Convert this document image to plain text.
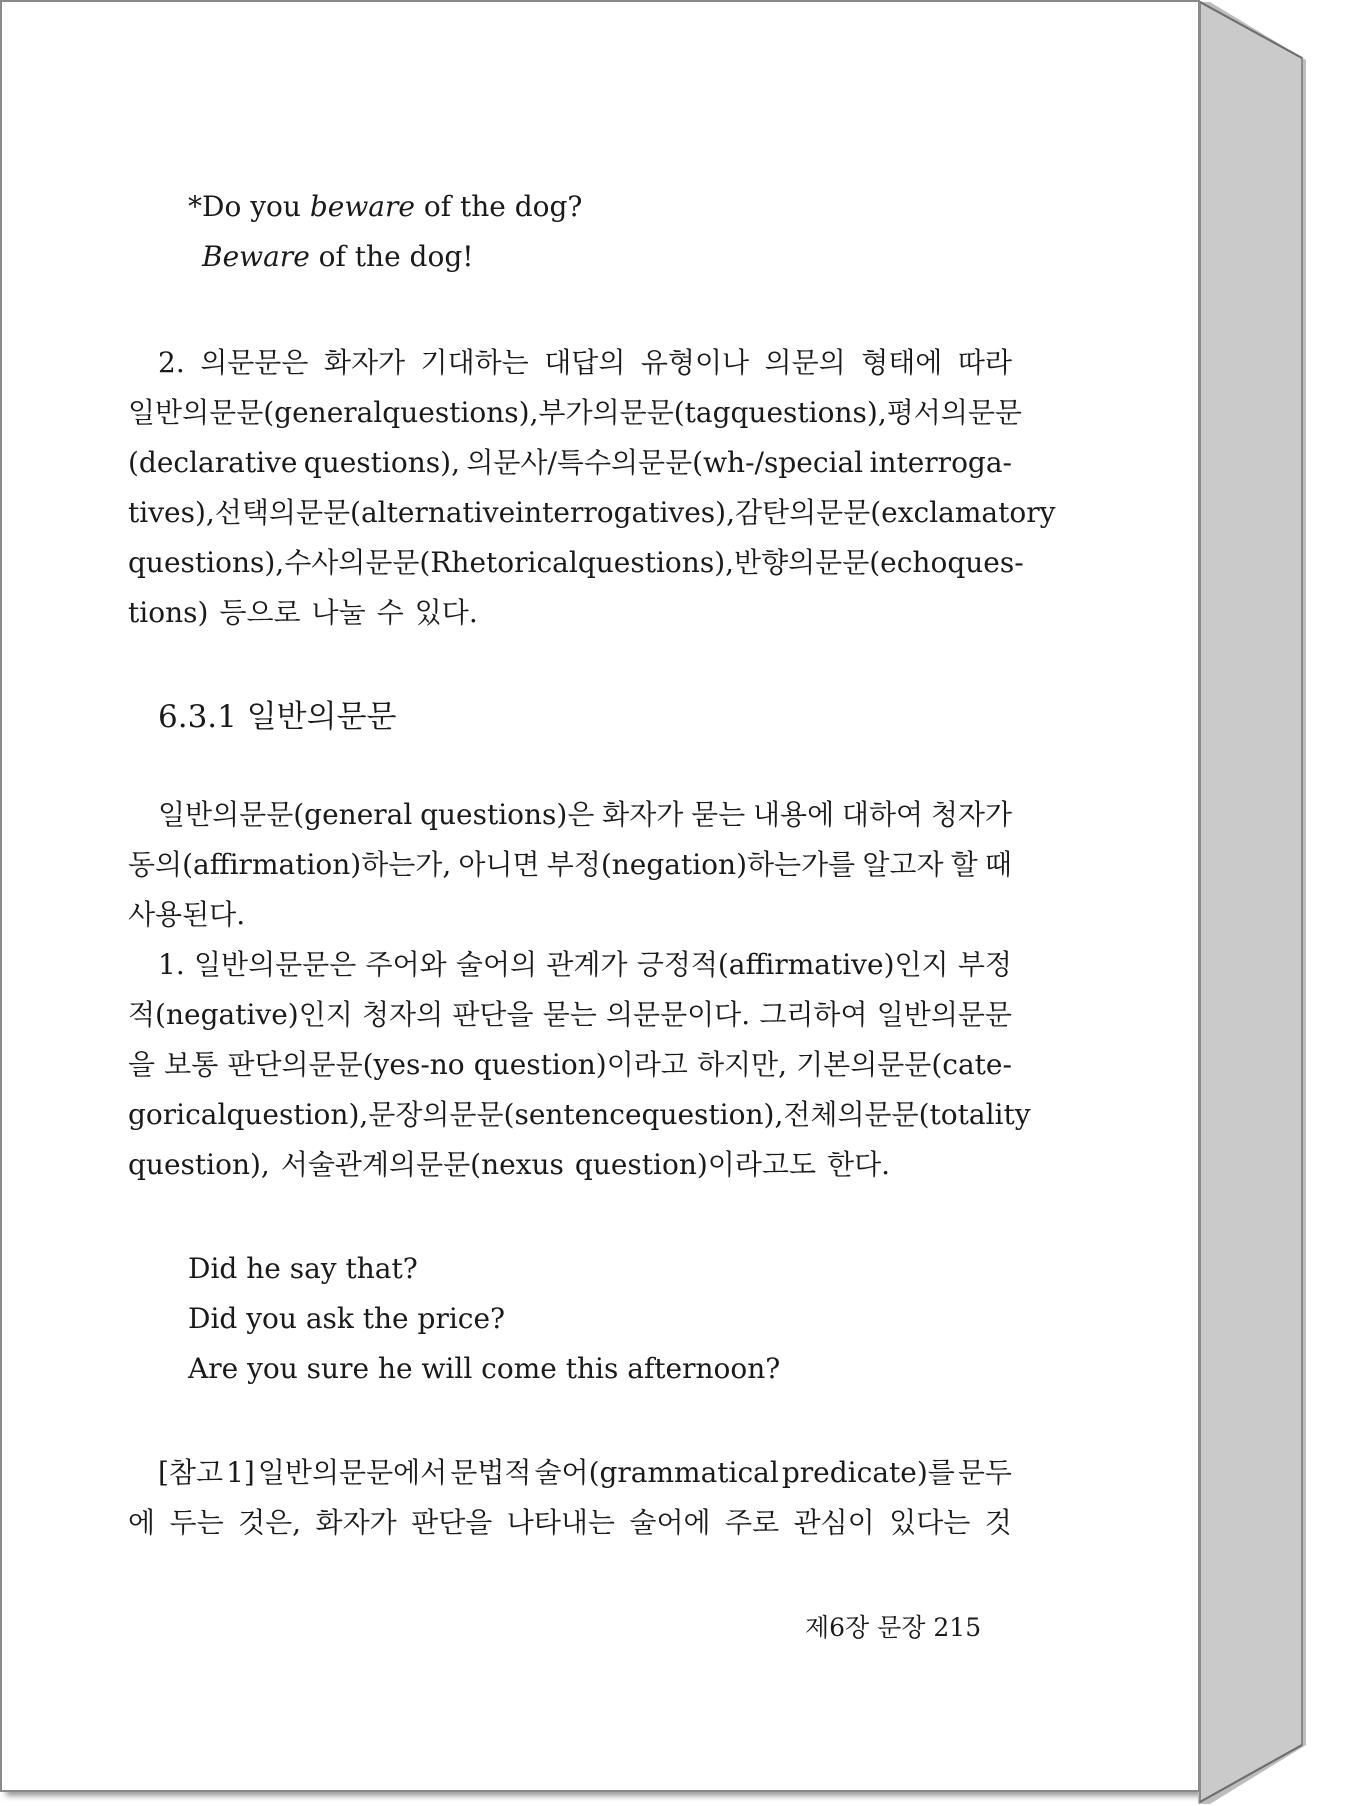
*Do you beware of the dog?
Beware of the dog!
2. 의문문은 화자가 기대하는 대답의 유형이나 의문의 형태에 따라
일반의문문(general questions), 부가의문문(tag questions), 평서의문문
(declarative questions), 의문사/특수의문문(wh-/special interroga-
tives), 선택의문문(alternative interrogatives), 감탄의문문(exclamatory
questions), 수사의문문(Rhetorical questions), 반향의문문(echo ques-
tions) 등으로 나눌 수 있다.
6.3.1 일반의문문
일반의문문(general questions)은 화자가 묻는 내용에 대하여 청자가
동의(affirmation)하는가, 아니면 부정(negation)하는가를 알고자 할 때
사용된다.
1. 일반의문문은 주어와 술어의 관계가 긍정적(affirmative)인지 부정
적(negative)인지 청자의 판단을 묻는 의문문이다. 그리하여 일반의문문
을 보통 판단의문문(yes-no question)이라고 하지만, 기본의문문(cate-
gorical question), 문장의문문(sentence question), 전체의문문(totality
question), 서술관계의문문(nexus question)이라고도 한다.
Did he say that?
Did you ask the price?
Are you sure he will come this afternoon?
[참고 1] 일반의문문에서 문법적 술어(grammatical predicate)를 문두
에 두는 것은, 화자가 판단을 나타내는 술어에 주로 관심이 있다는 것
제6장 문장 215
